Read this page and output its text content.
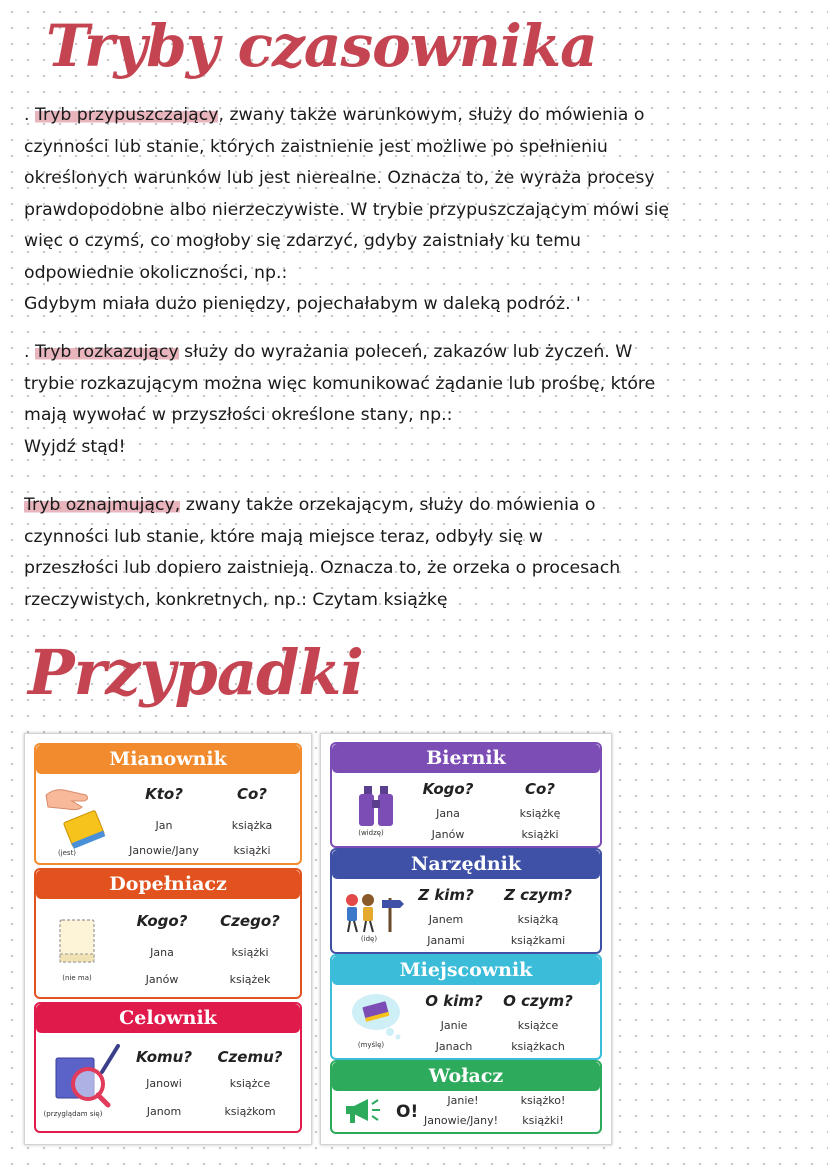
Tryby czasownika
. Tryb przypuszczający, zwany także warunkowym, służy do mówienia o
czynności lub stanie, których zaistnienie jest możliwe po spełnieniu
określonych warunków lub jest nierealne. Oznacza to, że wyraża procesy
prawdopodobne albo nierzeczywiste. W trybie przypuszczającym mówi się
więc o czymś, co mogłoby się zdarzyć, gdyby zaistniały ku temu
odpowiednie okoliczności, np.:
Gdybym miała dużo pieniędzy, pojechałabym w daleką podróż. '
. Tryb rozkazujący służy do wyrażania poleceń, zakazów lub życzeń. W
trybie rozkazującym można więc komunikować żądanie lub prośbę, które
mają wywołać w przyszłości określone stany, np.:
Wyjdź stąd!
Tryb oznajmujący, zwany także orzekającym, służy do mówienia o
czynności lub stanie, które mają miejsce teraz, odbyły się w
przeszłości lub dopiero zaistnieją. Oznacza to, że orzeka o procesach
rzeczywistych, konkretnych, np.: Czytam książkę
Przypadki
Mianownik
(jest)
Kto?	Co?
Jan	książka
Janowie/Jany	książki
Dopełniacz
(nie ma)
Kogo?	Czego?
Jana	książki
Janów	książek
Celownik
(przyglądam się)
Komu?	Czemu?
Janowi	książce
Janom	książkom
Biernik
(widzę)
Kogo?	Co?
Jana	książkę
Janów	książki
Narzędnik
(idę)
Z kim?	Z czym?
Janem	książką
Janami	książkami
Miejscownik
(myślę)
O kim?	O czym?
Janie	książce
Janach	książkach
Wołacz
O!
Janie!	książko!
Janowie/Jany!	książki!
